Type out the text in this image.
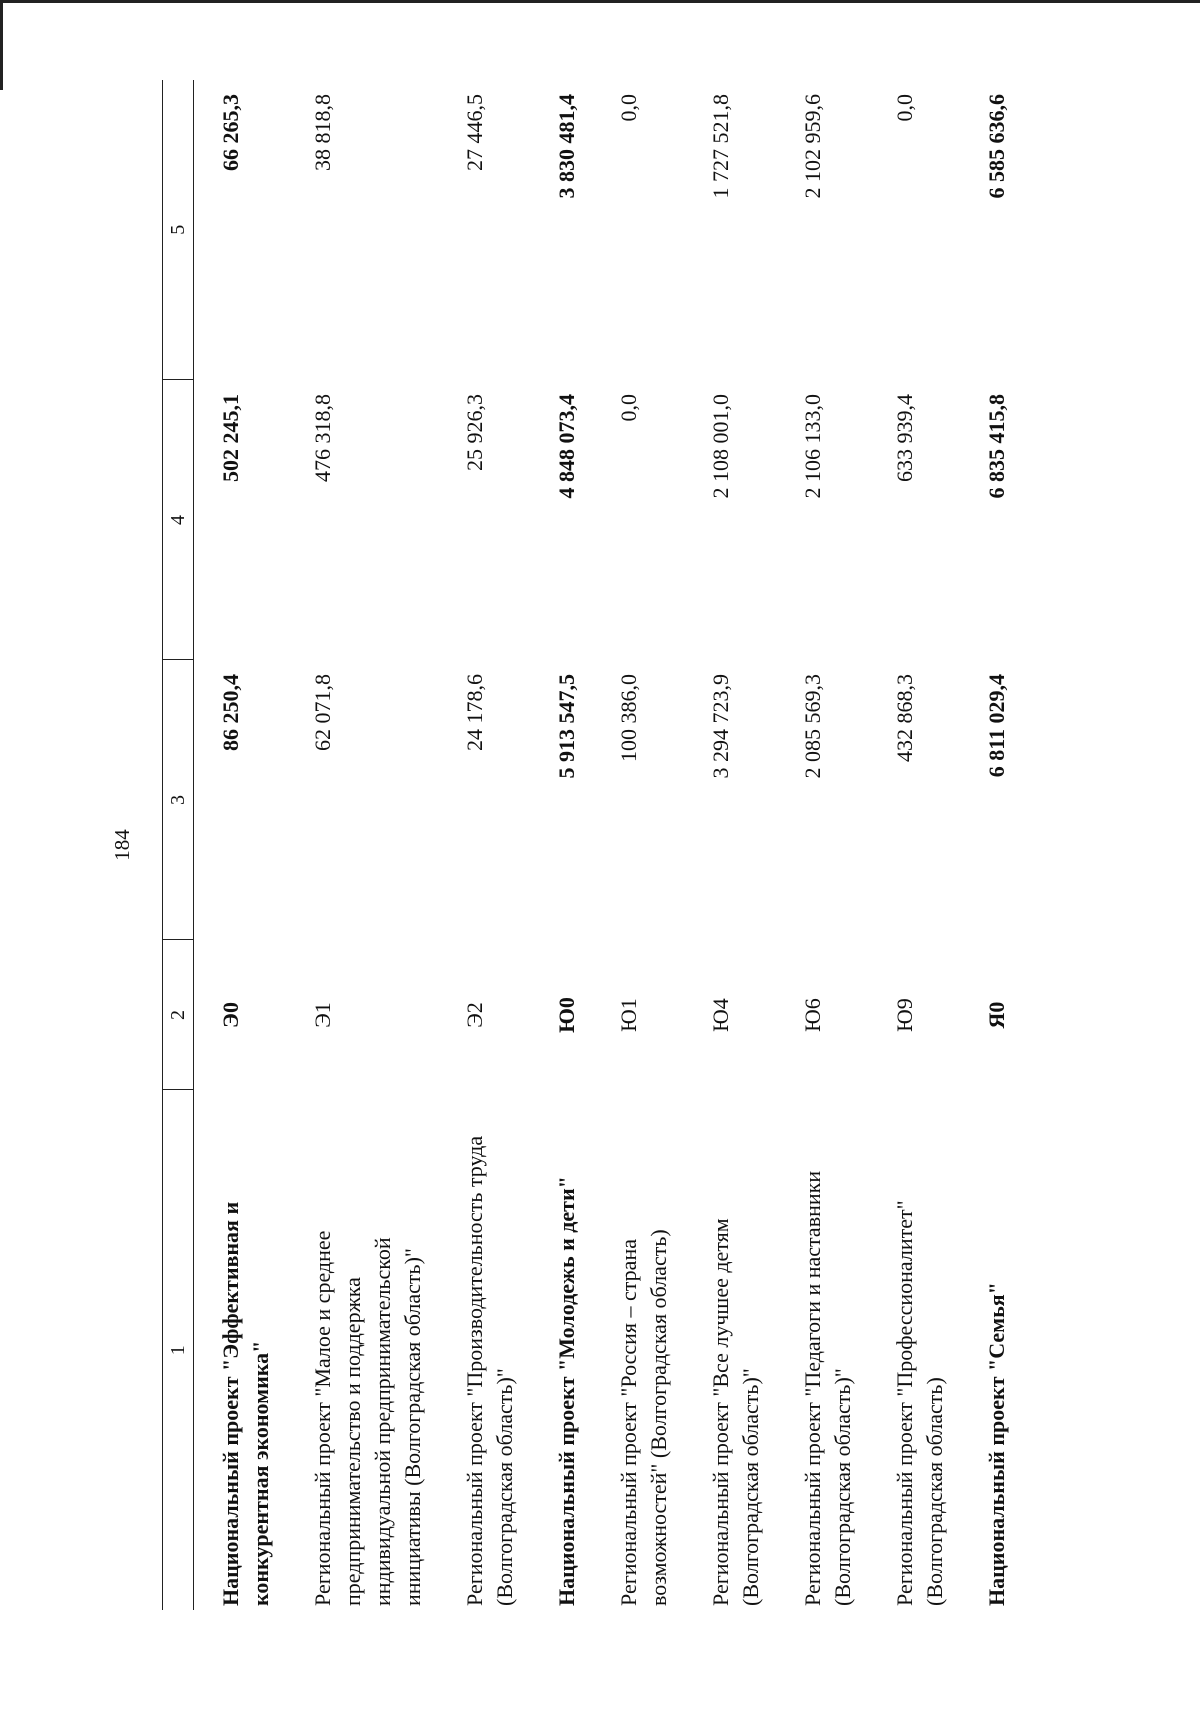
184
1	2	3	4	5

Национальный проект "Эффективная и конкурентная экономика"	Э0	86 250,4	502 245,1	66 265,3
Региональный проект "Малое и среднее предпринимательство и поддержка индивидуальной предпринимательской инициативы (Волгоградская область)"	Э1	62 071,8	476 318,8	38 818,8
Региональный проект "Производительность труда (Волгоградская область)"	Э2	24 178,6	25 926,3	27 446,5
Национальный проект "Молодежь и дети"	Ю0	5 913 547,5	4 848 073,4	3 830 481,4
Региональный проект "Россия – страна возможностей" (Волгоградская область)	Ю1	100 386,0	0,0	0,0
Региональный проект "Все лучшее детям (Волгоградская область)"	Ю4	3 294 723,9	2 108 001,0	1 727 521,8
Региональный проект "Педагоги и наставники (Волгоградская область)"	Ю6	2 085 569,3	2 106 133,0	2 102 959,6
Региональный проект "Профессионалитет" (Волгоградская область)	Ю9	432 868,3	633 939,4	0,0
Национальный проект "Семья"	Я0	6 811 029,4	6 835 415,8	6 585 636,6
